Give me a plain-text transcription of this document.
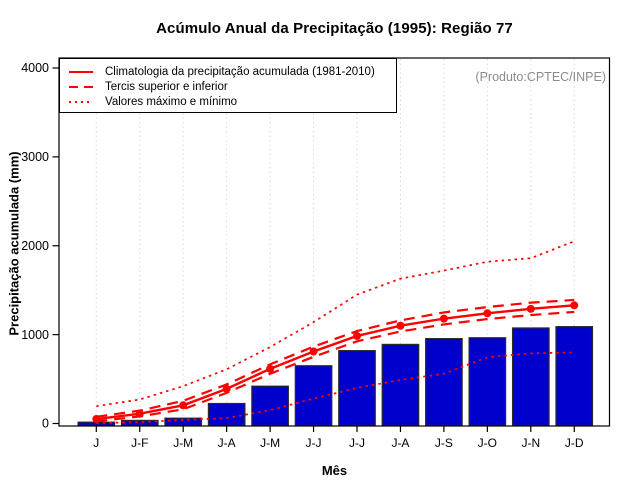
Acúmulo Anual da Precipitação (1995): Região 77
0
1000
2000
3000
4000
J	J-F J-M J-A J-M J-J J-J J-A J-S J-O J-N J-D
Climatologia da precipitação acumulada (1981-2010)
Tercis superior e inferior
Valores máximo e mínimo
(Produto:CPTEC/INPE)
Mês
Precipitação acumulada (mm)
